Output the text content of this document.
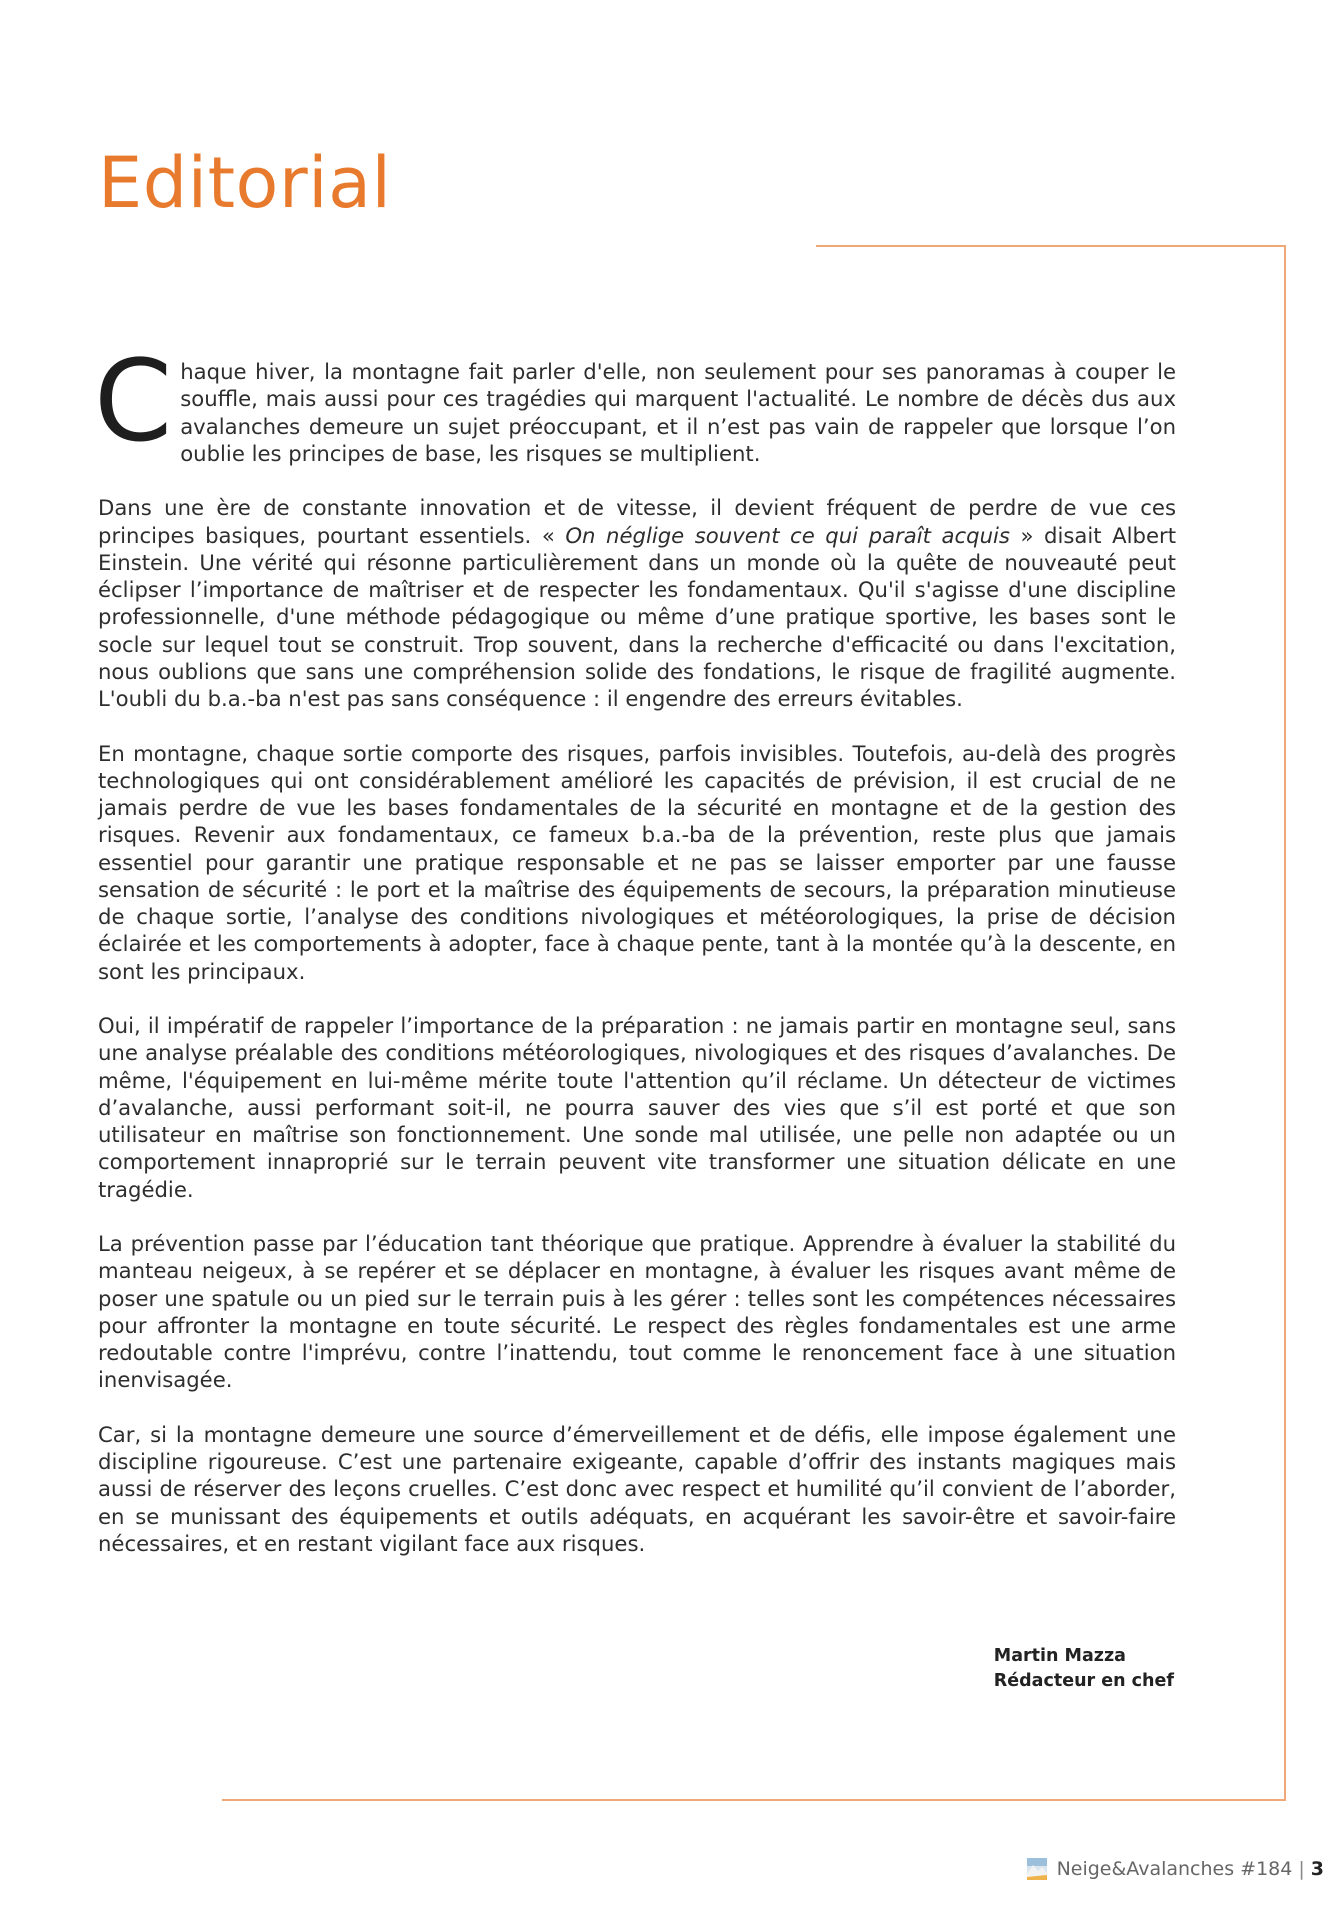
Editorial

Chaque hiver, la montagne fait parler d'elle, non seulement pour ses panoramas à couper le souffle, mais aussi pour ces tragédies qui marquent l'actualité. Le nombre de décès dus aux avalanches demeure un sujet préoccupant, et il n’est pas vain de rappeler que lorsque l’on oublie les principes de base, les risques se multiplient.

Dans une ère de constante innovation et de vitesse, il devient fréquent de perdre de vue ces principes basiques, pourtant essentiels. « On néglige souvent ce qui paraît acquis » disait Albert Einstein. Une vérité qui résonne particulièrement dans un monde où la quête de nouveauté peut éclipser l’importance de maîtriser et de respecter les fondamentaux. Qu'il s'agisse d'une discipline professionnelle, d'une méthode pédagogique ou même d’une pratique sportive, les bases sont le socle sur lequel tout se construit. Trop souvent, dans la recherche d'efficacité ou dans l'excitation, nous oublions que sans une compréhension solide des fondations, le risque de fragilité augmente. L'oubli du b.a.-ba n'est pas sans conséquence : il engendre des erreurs évitables.

En montagne, chaque sortie comporte des risques, parfois invisibles. Toutefois, au-delà des progrès technologiques qui ont considérablement amélioré les capacités de prévision, il est crucial de ne jamais perdre de vue les bases fondamentales de la sécurité en montagne et de la gestion des risques. Revenir aux fondamentaux, ce fameux b.a.-ba de la prévention, reste plus que jamais essentiel pour garantir une pratique responsable et ne pas se laisser emporter par une fausse sensation de sécurité : le port et la maîtrise des équipements de secours, la préparation minutieuse de chaque sortie, l’analyse des conditions nivologiques et météorologiques, la prise de décision éclairée et les comportements à adopter, face à chaque pente, tant à la montée qu’à la descente, en sont les principaux.

Oui, il impératif de rappeler l’importance de la préparation : ne jamais partir en montagne seul, sans une analyse préalable des conditions météorologiques, nivologiques et des risques d’avalanches. De même, l'équipement en lui-même mérite toute l'attention qu’il réclame. Un détecteur de victimes d’avalanche, aussi performant soit-il, ne pourra sauver des vies que s’il est porté et que son utilisateur en maîtrise son fonctionnement. Une sonde mal utilisée, une pelle non adaptée ou un comportement innaproprié sur le terrain peuvent vite transformer une situation délicate en une tragédie.

La prévention passe par l’éducation tant théorique que pratique. Apprendre à évaluer la stabilité du manteau neigeux, à se repérer et se déplacer en montagne, à évaluer les risques avant même de poser une spatule ou un pied sur le terrain puis à les gérer : telles sont les compétences nécessaires pour affronter la montagne en toute sécurité. Le respect des règles fondamentales est une arme redoutable contre l'imprévu, contre l’inattendu, tout comme le renoncement face à une situation inenvisagée.

Car, si la montagne demeure une source d’émerveillement et de défis, elle impose également une discipline rigoureuse. C’est une partenaire exigeante, capable d’offrir des instants magiques mais aussi de réserver des leçons cruelles. C’est donc avec respect et humilité qu’il convient de l’aborder, en se munissant des équipements et outils adéquats, en acquérant les savoir-être et savoir-faire nécessaires, et en restant vigilant face aux risques.

Martin Mazza
Rédacteur en chef
Neige&Avalanches #184 | 3
